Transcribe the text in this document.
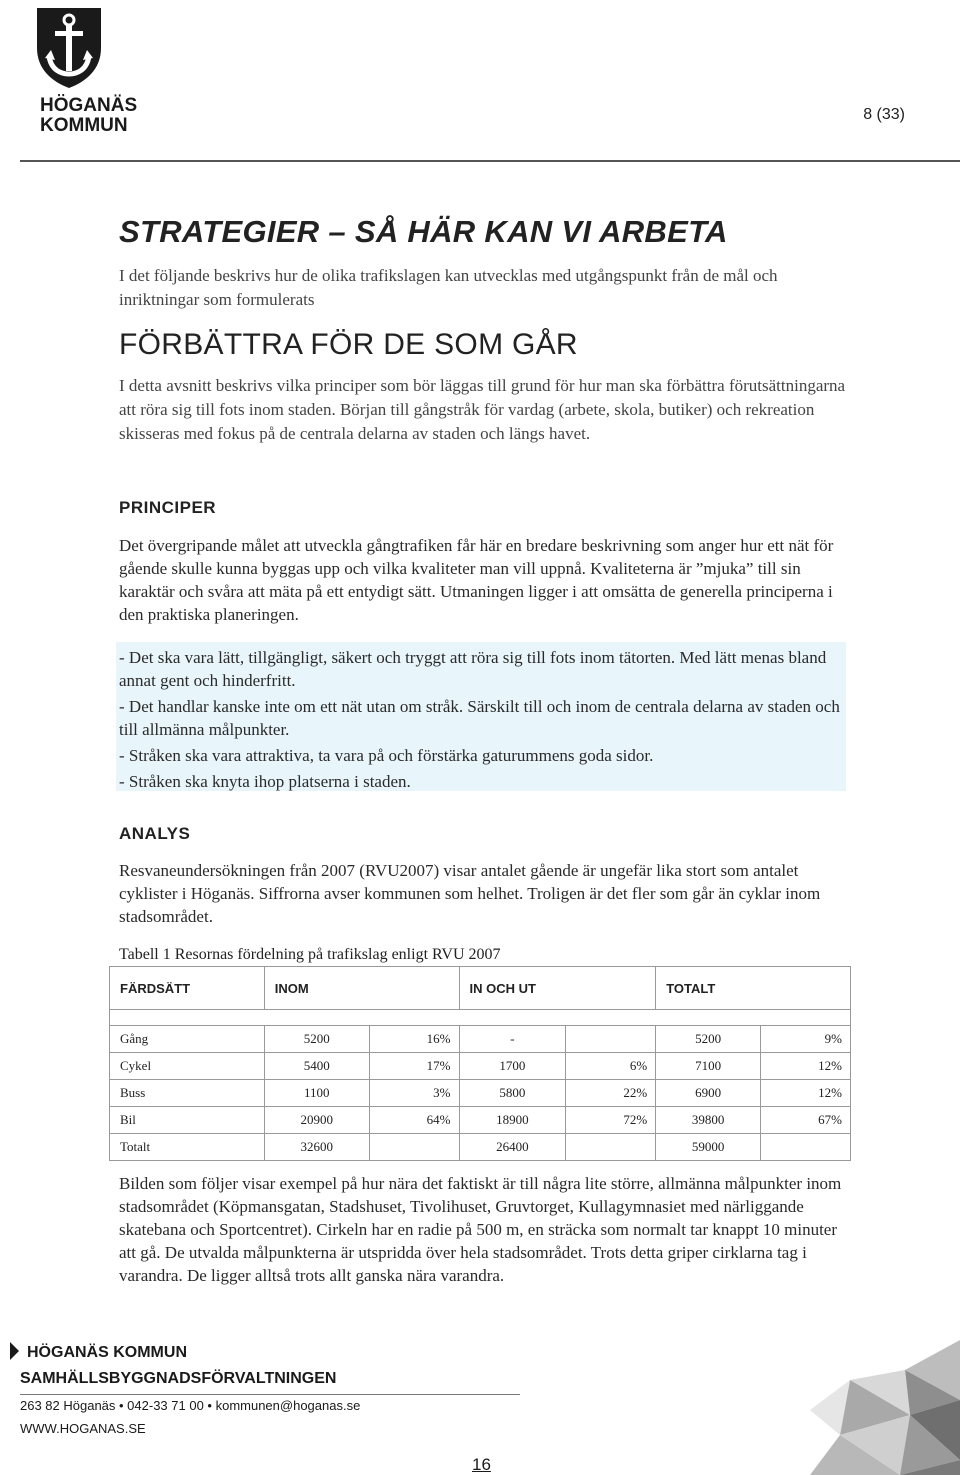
HÖGANÄS
KOMMUN
8 (33)
STRATEGIER – SÅ HÄR KAN VI ARBETA
I det följande beskrivs hur de olika trafikslagen kan utvecklas med utgångspunkt från de mål och inriktningar som formulerats
FÖRBÄTTRA FÖR DE SOM GÅR
I detta avsnitt beskrivs vilka principer som bör läggas till grund för hur man ska förbättra förutsättningarna att röra sig till fots inom staden. Början till gångstråk för vardag (arbete, skola, butiker) och rekreation skisseras med fokus på de centrala delarna av staden och längs havet.
PRINCIPER
Det övergripande målet att utveckla gångtrafiken får här en bredare beskrivning som anger hur ett nät för gående skulle kunna byggas upp och vilka kvaliteter man vill uppnå. Kvaliteterna är ”mjuka” till sin karaktär och svåra att mäta på ett entydigt sätt. Utmaningen ligger i att omsätta de generella principerna i den praktiska planeringen.
- Det ska vara lätt, tillgängligt, säkert och tryggt att röra sig till fots inom tätorten. Med lätt menas bland annat gent och hinderfritt.
- Det handlar kanske inte om ett nät utan om stråk. Särskilt till och inom de centrala delarna av staden och till allmänna målpunkter.
- Stråken ska vara attraktiva, ta vara på och förstärka gaturummens goda sidor.
- Stråken ska knyta ihop platserna i staden.
ANALYS
Resvaneundersökningen från 2007 (RVU2007) visar antalet gående är ungefär lika stort som antalet cyklister i Höganäs. Siffrorna avser kommunen som helhet. Troligen är det fler som går än cyklar inom stadsområdet.
Tabell 1 Resornas fördelning på trafikslag enligt RVU 2007
FÄRDSÄTT	INOM		IN OCH UT		TOTALT	

Gång	5200	16%	-		5200	9%
Cykel	5400	17%	1700	6%	7100	12%
Buss	1100	3%	5800	22%	6900	12%
Bil	20900	64%	18900	72%	39800	67%
Totalt	32600		26400		59000	
Bilden som följer visar exempel på hur nära det faktiskt är till några lite större, allmänna målpunkter inom stadsområdet (Köpmansgatan, Stadshuset, Tivolihuset, Gruvtorget, Kullagymnasiet med närliggande skatebana och Sportcentret). Cirkeln har en radie på 500 m, en sträcka som normalt tar knappt 10 minuter att gå. De utvalda målpunkterna är utspridda över hela stadsområdet. Trots detta griper cirklarna tag i varandra. De ligger alltså trots allt ganska nära varandra.
HÖGANÄS KOMMUN
SAMHÄLLSBYGGNADSFÖRVALTNINGEN
263 82 Höganäs • 042-33 71 00 • kommunen@hoganas.se
WWW.HOGANAS.SE
16
